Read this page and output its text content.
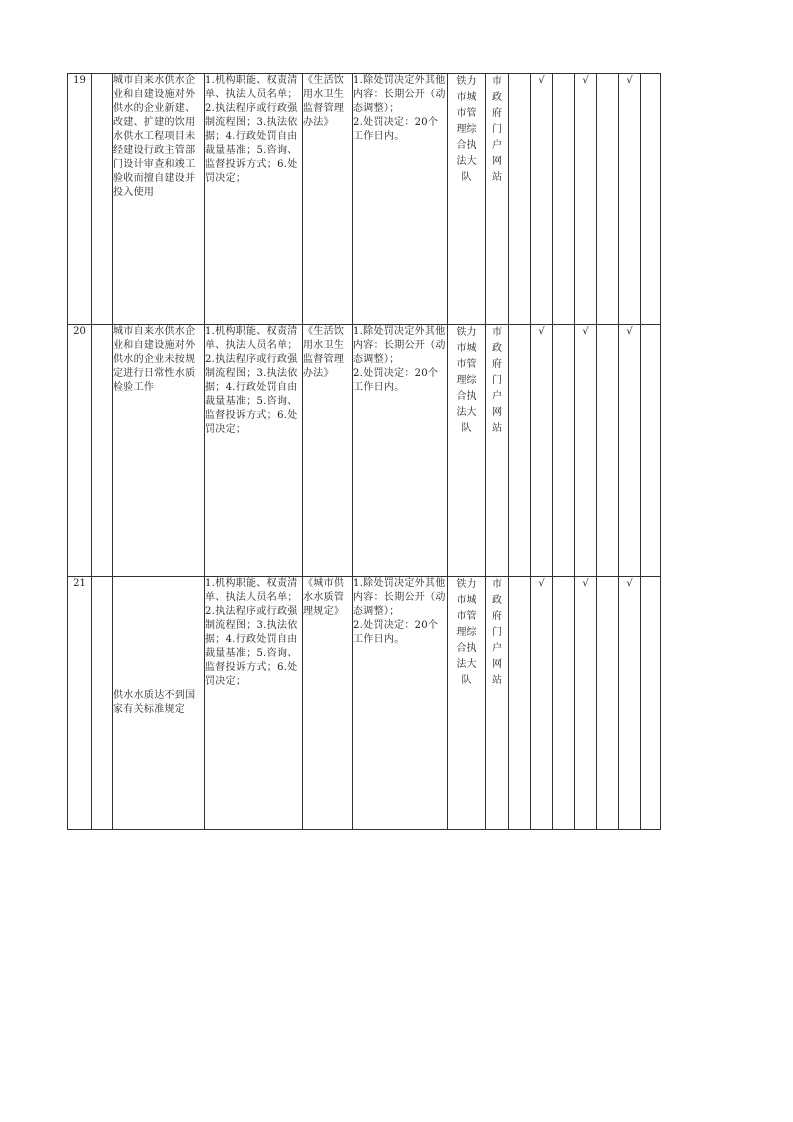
19		城市自来水供水企业和自建设施对外供水的企业新建、改建、扩建的饮用水供水工程项目未经建设行政主管部门设计审查和竣工验收而擅自建设并投入使用	1.机构职能、权责清单、执法人员名单；2.执法程序或行政强制流程图；3.执法依据；4.行政处罚自由裁量基准；5.咨询、监督投诉方式；6.处罚决定；	《生活饮用水卫生监督管理办法》	1.除处罚决定外其他内容：长期公开（动态调整）；
2.处罚决定：20个工作日内。	铁力市城市管理综合执法大队	市政府门户网站		√		√		√	
20		城市自来水供水企业和自建设施对外供水的企业未按规定进行日常性水质检验工作	1.机构职能、权责清单、执法人员名单；2.执法程序或行政强制流程图；3.执法依据；4.行政处罚自由裁量基准；5.咨询、监督投诉方式；6.处罚决定；	《生活饮用水卫生监督管理办法》	1.除处罚决定外其他内容：长期公开（动态调整）；
2.处罚决定：20个工作日内。	铁力市城市管理综合执法大队	市政府门户网站		√		√		√	
21		供水水质达不到国家有关标准规定	1.机构职能、权责清单、执法人员名单；2.执法程序或行政强制流程图；3.执法依据；4.行政处罚自由裁量基准；5.咨询、监督投诉方式；6.处罚决定；	《城市供水水质管理规定》	1.除处罚决定外其他内容：长期公开（动态调整）；
2.处罚决定：20个工作日内。	铁力市城市管理综合执法大队	市政府门户网站		√		√		√	
